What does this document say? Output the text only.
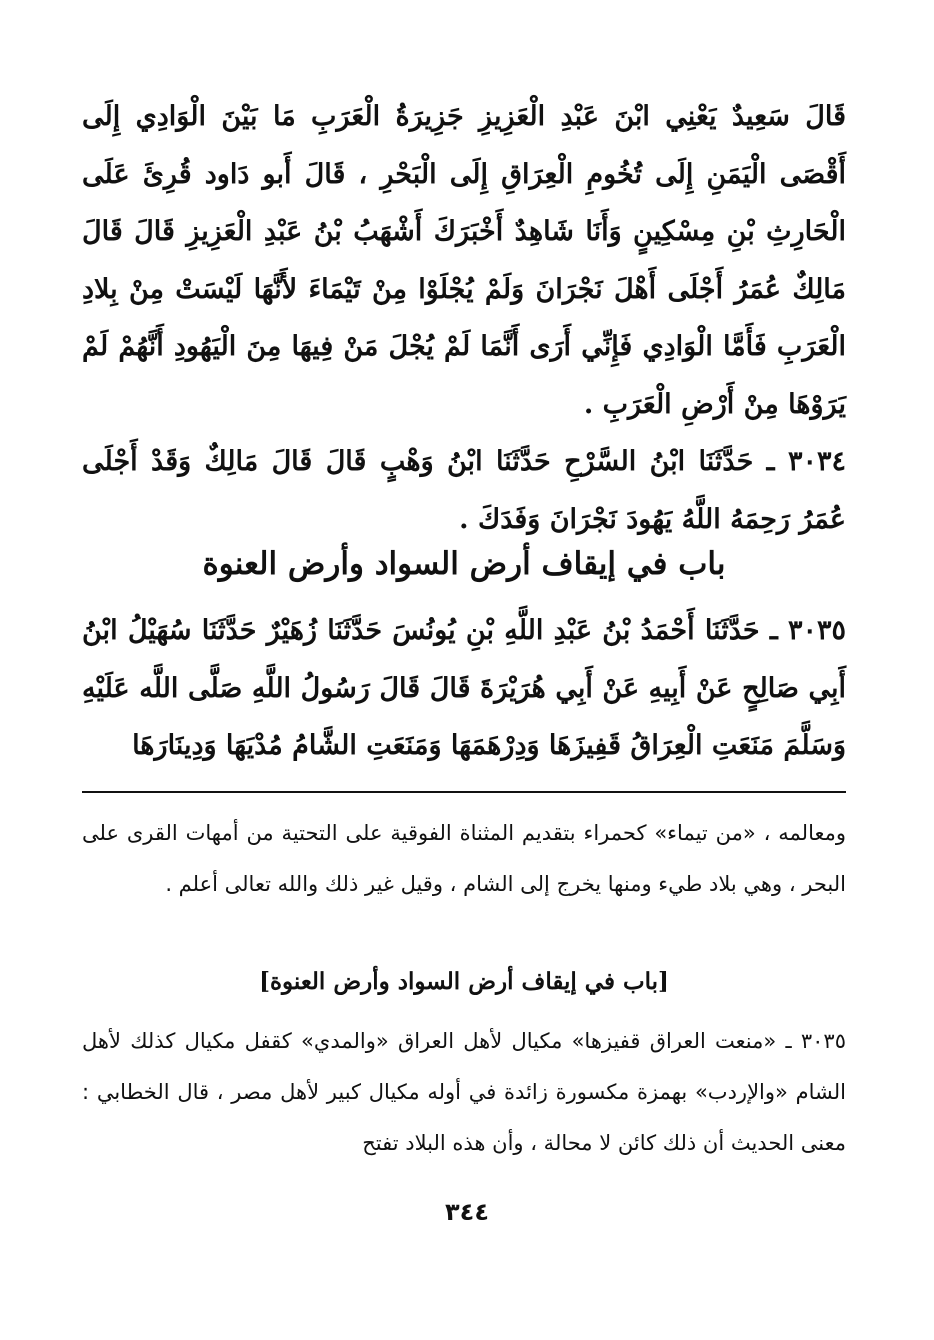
قَالَ سَعِيدٌ يَعْنِي ابْنَ عَبْدِ الْعَزِيزِ جَزِيرَةُ الْعَرَبِ مَا بَيْنَ الْوَادِي إِلَى أَقْصَى الْيَمَنِ إِلَى تُخُومِ الْعِرَاقِ إِلَى الْبَحْرِ ، قَالَ أَبو دَاود قُرِئَ عَلَى الْحَارِثِ بْنِ مِسْكِينٍ وَأَنَا شَاهِدٌ أَخْبَرَكَ أَشْهَبُ بْنُ عَبْدِ الْعَزِيزِ قَالَ قَالَ مَالِكٌ عُمَرُ أَجْلَى أَهْلَ نَجْرَانَ وَلَمْ يُجْلَوْا مِنْ تَيْمَاءَ لأَنَّهَا لَيْسَتْ مِنْ بِلادِ الْعَرَبِ فَأَمَّا الْوَادِي فَإِنِّي أَرَى أَنَّمَا لَمْ يُجْلَ مَنْ فِيهَا مِنَ الْيَهُودِ أَنَّهُمْ لَمْ يَرَوْهَا مِنْ أَرْضِ الْعَرَبِ .

٣٠٣٤ ـ حَدَّثَنَا ابْنُ السَّرْحِ حَدَّثَنَا ابْنُ وَهْبٍ قَالَ قَالَ مَالِكٌ وَقَدْ أَجْلَى عُمَرُ رَحِمَهُ اللَّهُ يَهُودَ نَجْرَانَ وَفَدَكَ .

باب في إيقاف أرض السواد وأرض العنوة

٣٠٣٥ ـ حَدَّثَنَا أَحْمَدُ بْنُ عَبْدِ اللَّهِ بْنِ يُونُسَ حَدَّثَنَا زُهَيْرٌ حَدَّثَنَا سُهَيْلُ ابْنُ أَبِي صَالِحٍ عَنْ أَبِيهِ عَنْ أَبِي هُرَيْرَةَ قَالَ قَالَ رَسُولُ اللَّهِ صَلَّى اللَّه عَلَيْهِ وَسَلَّمَ مَنَعَتِ الْعِرَاقُ قَفِيزَهَا وَدِرْهَمَهَا وَمَنَعَتِ الشَّامُ مُدْيَهَا وَدِينَارَهَا

ومعالمه ، «من تيماء» كحمراء بتقديم المثناة الفوقية على التحتية من أمهات القرى على البحر ، وهي بلاد طيء ومنها يخرج إلى الشام ، وقيل غير ذلك والله تعالى أعلم .

[باب في إيقاف أرض السواد وأرض العنوة]

٣٠٣٥ ـ «منعت العراق قفيزها» مكيال لأهل العراق «والمدي» كقفل مكيال كذلك لأهل الشام «والإردب» بهمزة مكسورة زائدة في أوله مكيال كبير لأهل مصر ، قال الخطابي : معنى الحديث أن ذلك كائن لا محالة ، وأن هذه البلاد تفتح

٣٤٤
